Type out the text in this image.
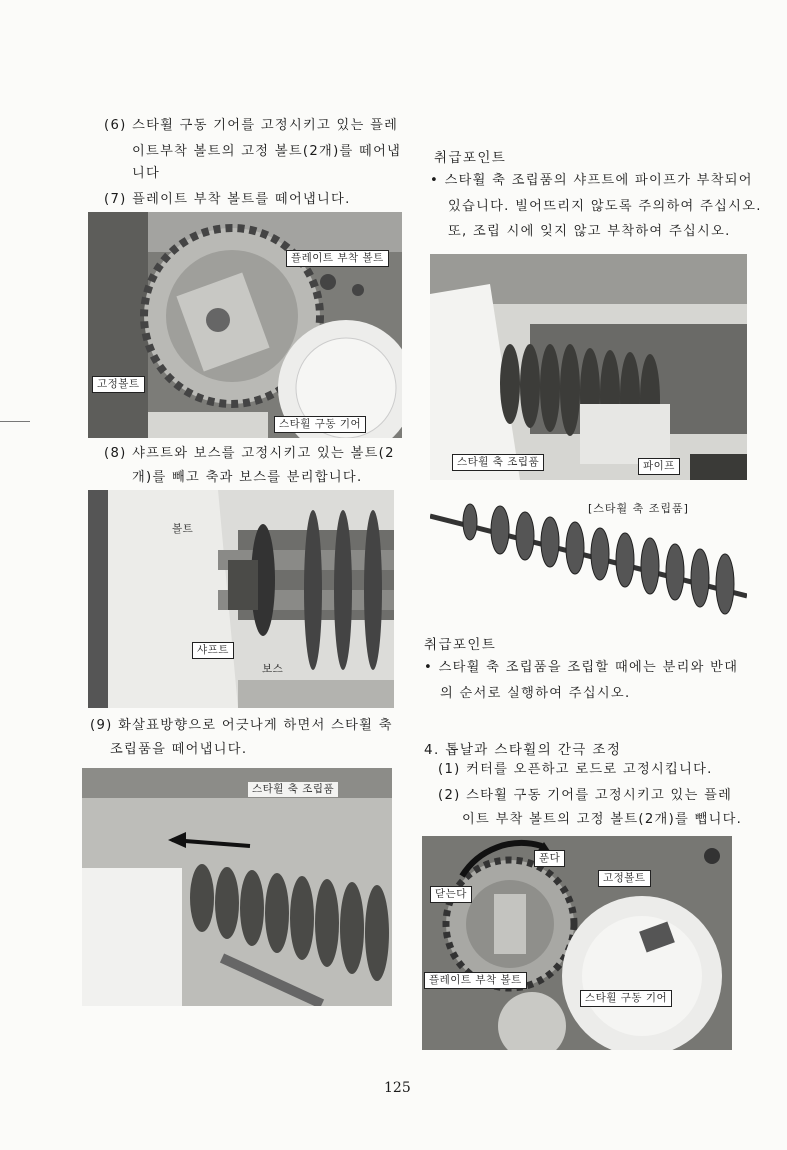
(6) 스타휠 구동 기어를 고정시키고 있는 플레
이트부착 볼트의 고정 볼트(2개)를 떼어냅
니다
(7) 플레이트 부착 볼트를 떼어냅니다.
플레이트 부착 볼트
고정볼트
스타휠 구동 기어
(8) 샤프트와 보스를 고정시키고 있는 볼트(2
개)를 빼고 축과 보스를 분리합니다.
볼트
샤프트
보스
(9) 화살표방향으로 어긋나게 하면서 스타휠 축
조립품을 떼어냅니다.
스타휠 축 조립품
취급포인트
• 스타휠 축 조립품의 샤프트에 파이프가 부착되어
있습니다. 빌어뜨리지 않도록 주의하여 주십시오.
또, 조립 시에 잊지 않고 부착하여 주십시오.
스타휠 축 조립품	파이프
[스타휠 축 조립품]
취급포인트
• 스타휠 축 조립품을 조립할 때에는 분리와 반대
의 순서로 실행하여 주십시오.
4. 톱날과 스타휠의 간극 조정
(1) 커터를 오픈하고 로드로 고정시킵니다.
(2) 스타휠 구동 기어를 고정시키고 있는 플레
이트 부착 볼트의 고정 볼트(2개)를 뺍니다.
푼다
닫는다
고정볼트
플레이트 부착 볼트
스타휠 구동 기어
125
